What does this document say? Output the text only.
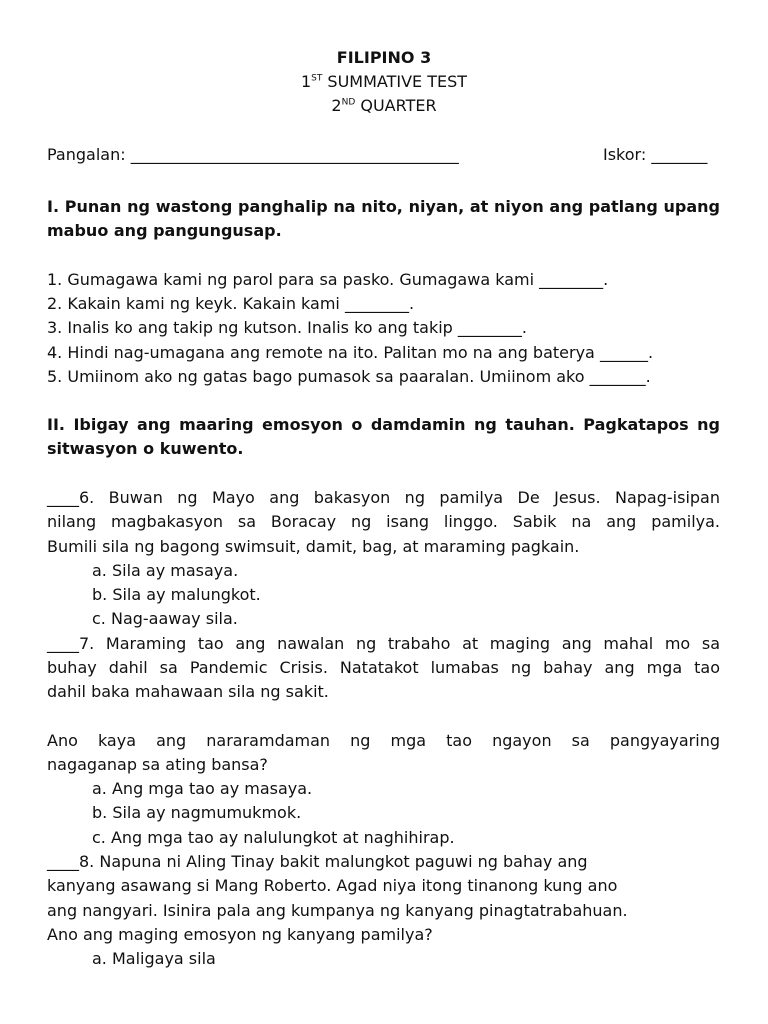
FILIPINO 3
1ST SUMMATIVE TEST
2ND QUARTER
Pangalan: _________________________________________	Iskor: _______
I. Punan ng wastong panghalip na nito, niyan, at niyon ang patlang upang
mabuo ang pangungusap.
1. Gumagawa kami ng parol para sa pasko. Gumagawa kami ________.
2. Kakain kami ng keyk. Kakain kami ________.
3. Inalis ko ang takip ng kutson. Inalis ko ang takip ________.
4. Hindi nag-umagana ang remote na ito. Palitan mo na ang baterya ______.
5. Umiinom ako ng gatas bago pumasok sa paaralan. Umiinom ako _______.
II. Ibigay ang maaring emosyon o damdamin ng tauhan. Pagkatapos ng
sitwasyon o kuwento.
____6. Buwan ng Mayo ang bakasyon ng pamilya De Jesus. Napag-isipan
nilang magbakasyon sa Boracay ng isang linggo. Sabik na ang pamilya.
Bumili sila ng bagong swimsuit, damit, bag, at maraming pagkain.
a. Sila ay masaya.
b. Sila ay malungkot.
c. Nag-aaway sila.
____7. Maraming tao ang nawalan ng trabaho at maging ang mahal mo sa
buhay dahil sa Pandemic Crisis. Natatakot lumabas ng bahay ang mga tao
dahil baka mahawaan sila ng sakit.
Ano kaya ang nararamdaman ng mga tao ngayon sa pangyayaring
nagaganap sa ating bansa?
a. Ang mga tao ay masaya.
b. Sila ay nagmumukmok.
c. Ang mga tao ay nalulungkot at naghihirap.
____8. Napuna ni Aling Tinay bakit malungkot paguwi ng bahay ang
kanyang asawang si Mang Roberto. Agad niya itong tinanong kung ano
ang nangyari. Isinira pala ang kumpanya ng kanyang pinagtatrabahuan.
Ano ang maging emosyon ng kanyang pamilya?
a. Maligaya sila
